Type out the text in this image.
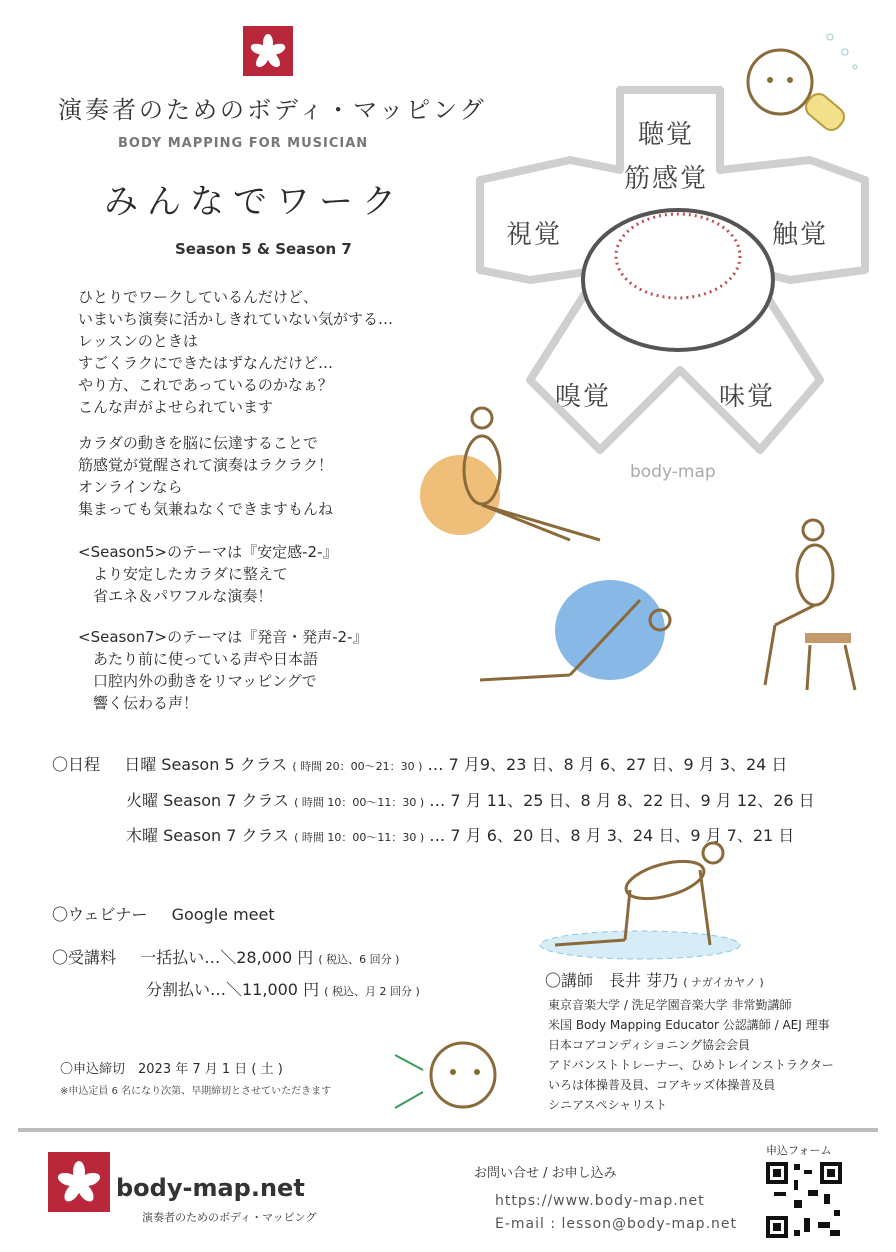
演奏者のためのボディ・マッピング
BODY MAPPING FOR MUSICIAN
みんなでワーク
Season 5 & Season 7
ひとりでワークしているんだけど、
いまいち演奏に活かしきれていない気がする…
レッスンのときは
すごくラクにできたはずなんだけど…
やり方、これであっているのかなぁ？
こんな声がよせられています
カラダの動きを脳に伝達することで
筋感覚が覚醒されて演奏はラクラク！
オンラインなら
集まっても気兼ねなくできますもんね
<Season5>のテーマは『安定感-2-』
　より安定したカラダに整えて
　省エネ＆パワフルな演奏！
<Season7>のテーマは『発音・発声-2-』
　あたり前に使っている声や日本語
　口腔内外の動きをリマッピングで
　響く伝わる声！
筋感覚
聴覚
視覚	触覚
嗅覚	味覚
body-map
〇日程 日曜 Season 5 クラス ( 時間 20：00〜21：30 ) … 7 月9、23 日、8 月 6、27 日、9 月 3、24 日
火曜 Season 7 クラス ( 時間 10：00〜11：30 ) … 7 月 11、25 日、8 月 8、22 日、9 月 12、26 日
木曜 Season 7 クラス ( 時間 10：00〜11：30 ) … 7 月 6、20 日、8 月 3、24 日、9 月 7、21 日
〇ウェビナー Google meet
〇受講料 一括払い…＼28,000 円 ( 税込、6 回分 )
分割払い…＼11,000 円 ( 税込、月 2 回分 )
〇申込締切　2023 年 7 月 1 日 ( 土 )
※申込定員 6 名になり次第、早期締切とさせていただきます
〇講師　長井 芽乃 ( ナガイカヤノ )
東京音楽大学 / 洗足学園音楽大学 非常勤講師
米国 Body Mapping Educator 公認講師 / AEJ 理事
日本コアコンディショニング協会会員
アドバンストトレーナー、ひめトレインストラクター
いろは体操普及員、コアキッズ体操普及員
シニアスペシャリスト
body-map.net
演奏者のためのボディ・マッピング
お問い合せ / お申し込み
https://www.body-map.net
E-mail : lesson@body-map.net
申込フォーム
